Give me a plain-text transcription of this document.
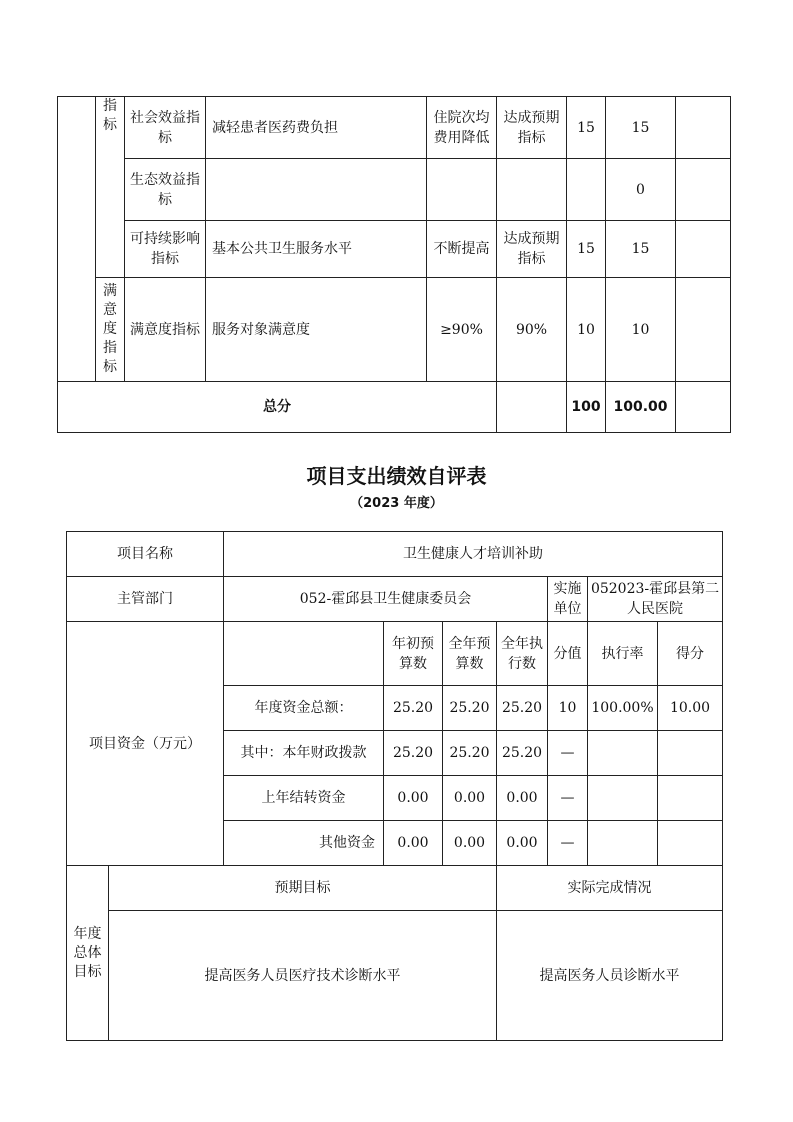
	指标	社会效益指标	减轻患者医药费负担	住院次均费用降低	达成预期指标	15	15	
		生态效益指标					0	
		可持续影响指标	基本公共卫生服务水平	不断提高	达成预期指标	15	15	
	满意度指标	满意度指标	服务对象满意度	≥90%	90%	10	10	
总分						100	100.00	
项目支出绩效自评表
（2023 年度）
项目名称		卫生健康人才培训补助						
主管部门		052-霍邱县卫生健康委员会				实施单位	052023-霍邱县第二人民医院	
项目资金（万元）			年初预算数	全年预算数	全年执行数	分值	执行率	得分
		年度资金总额：	25.20	25.20	25.20	10	100.00%	10.00
		其中：本年财政拨款	25.20	25.20	25.20	—		
		上年结转资金	0.00	0.00	0.00	—		
		其他资金	0.00	0.00	0.00	—		
年度总体目标	预期目标				实际完成情况			
	提高医务人员医疗技术诊断水平				提高医务人员诊断水平			
